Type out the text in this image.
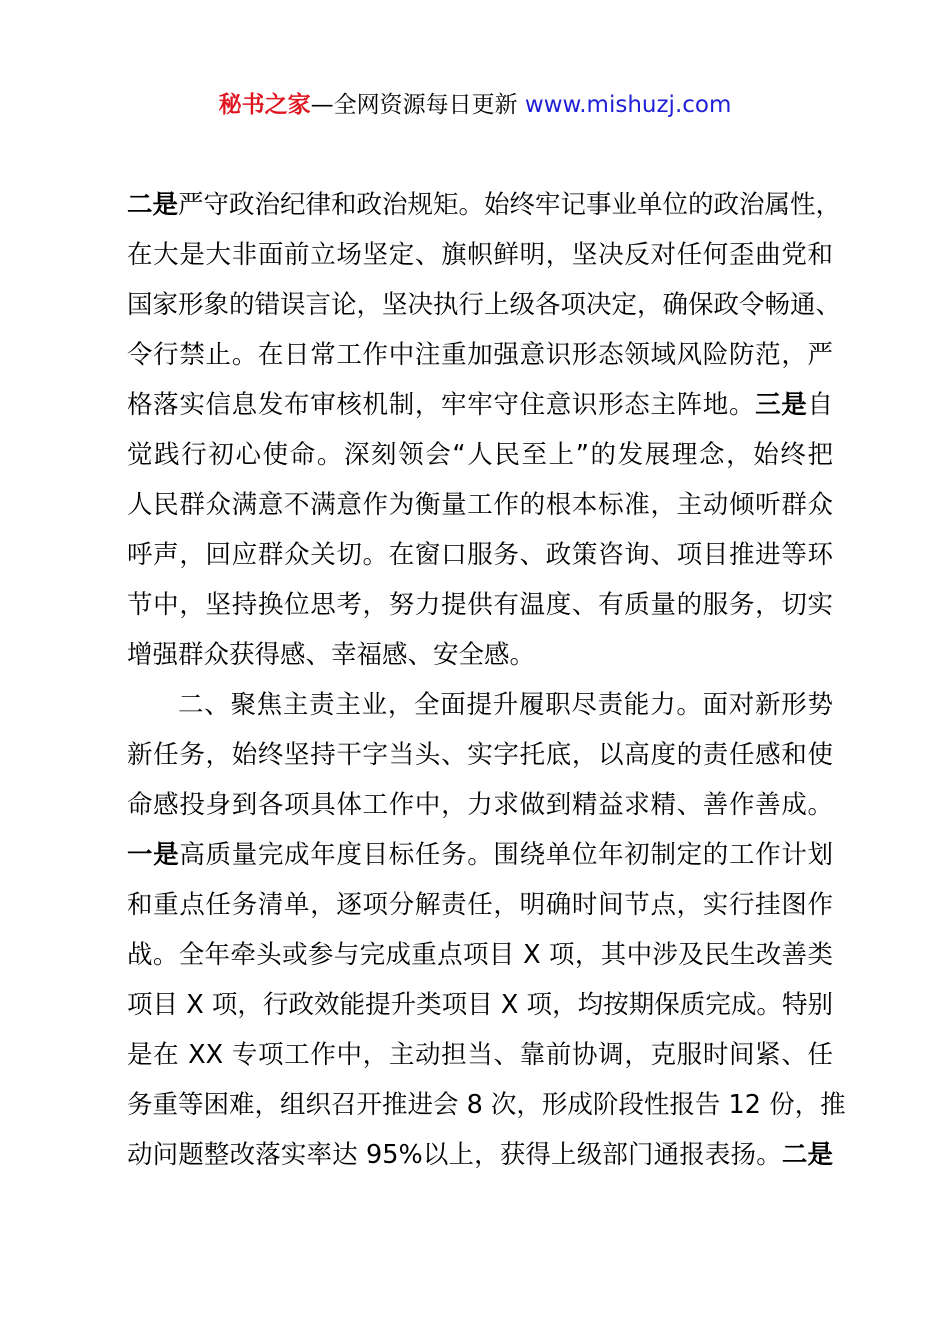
秘书之家—全网资源每日更新 www.mishuzj.com
二是严守政治纪律和政治规矩。始终牢记事业单位的政治属性，
在大是大非面前立场坚定、旗帜鲜明，坚决反对任何歪曲党和
国家形象的错误言论，坚决执行上级各项决定，确保政令畅通、
令行禁止。在日常工作中注重加强意识形态领域风险防范，严
格落实信息发布审核机制，牢牢守住意识形态主阵地。三是自
觉践行初心使命。深刻领会“人民至上”的发展理念，始终把
人民群众满意不满意作为衡量工作的根本标准，主动倾听群众
呼声，回应群众关切。在窗口服务、政策咨询、项目推进等环
节中，坚持换位思考，努力提供有温度、有质量的服务，切实
增强群众获得感、幸福感、安全感。
二、聚焦主责主业，全面提升履职尽责能力。面对新形势
新任务，始终坚持干字当头、实字托底，以高度的责任感和使
命感投身到各项具体工作中，力求做到精益求精、善作善成。
一是高质量完成年度目标任务。围绕单位年初制定的工作计划
和重点任务清单，逐项分解责任，明确时间节点，实行挂图作
战。全年牵头或参与完成重点项目 X 项，其中涉及民生改善类
项目 X 项，行政效能提升类项目 X 项，均按期保质完成。特别
是在 XX 专项工作中，主动担当、靠前协调，克服时间紧、任
务重等困难，组织召开推进会 8 次，形成阶段性报告 12 份，推
动问题整改落实率达 95%以上，获得上级部门通报表扬。二是
